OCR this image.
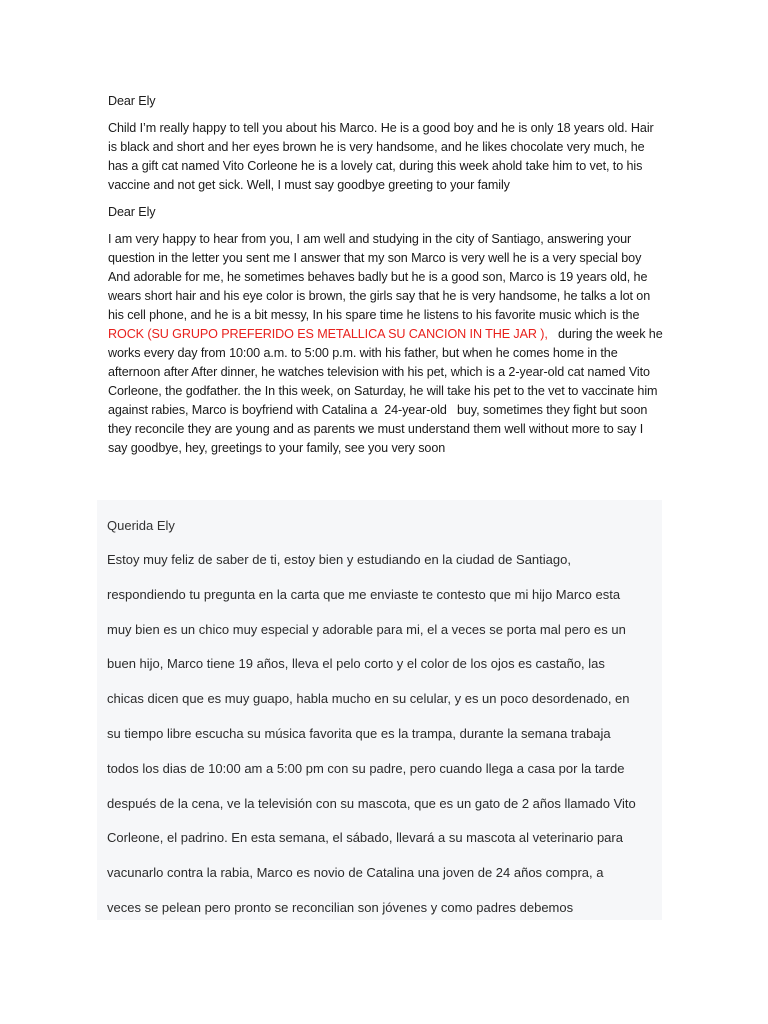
Dear Ely

Child I’m really happy to tell you about his Marco. He is a good boy and he is only 18 years old. Hair is black and short and her eyes brown he is very handsome, and he likes chocolate very much, he has a gift cat named Vito Corleone he is a lovely cat, during this week ahold take him to vet, to his vaccine and not get sick. Well, I must say goodbye greeting to your family

Dear Ely

I am very happy to hear from you, I am well and studying in the city of Santiago, answering your question in the letter you sent me I answer that my son Marco is very well he is a very special boy And adorable for me, he sometimes behaves badly but he is a good son, Marco is 19 years old, he wears short hair and his eye color is brown, the girls say that he is very handsome, he talks a lot on his cell phone, and he is a bit messy, In his spare time he listens to his favorite music which is the ROCK (SU GRUPO PREFERIDO ES METALLICA SU CANCION IN THE JAR ),   during the week he works every day from 10:00 a.m. to 5:00 p.m. with his father, but when he comes home in the afternoon after After dinner, he watches television with his pet, which is a 2-year-old cat named Vito Corleone, the godfather. the In this week, on Saturday, he will take his pet to the vet to vaccinate him against rabies, Marco is boyfriend with Catalina a  24-year-old   buy, sometimes they fight but soon they reconcile they are young and as parents we must understand them well without more to say I say goodbye, hey, greetings to your family, see you very soon

Querida Ely
Estoy muy feliz de saber de ti, estoy bien y estudiando en la ciudad de Santiago,
respondiendo tu pregunta en la carta que me enviaste te contesto que mi hijo Marco esta
muy bien es un chico muy especial y adorable para mi, el a veces se porta mal pero es un
buen hijo, Marco tiene 19 años, lleva el pelo corto y el color de los ojos es castaño, las
chicas dicen que es muy guapo, habla mucho en su celular, y es un poco desordenado, en
su tiempo libre escucha su música favorita que es la trampa, durante la semana trabaja
todos los dias de 10:00 am a 5:00 pm con su padre, pero cuando llega a casa por la tarde
después de la cena, ve la televisión con su mascota, que es un gato de 2 años llamado Vito
Corleone, el padrino. En esta semana, el sábado, llevará a su mascota al veterinario para
vacunarlo contra la rabia, Marco es novio de Catalina una joven de 24 años compra, a
veces se pelean pero pronto se reconcilian son jóvenes y como padres debemos
